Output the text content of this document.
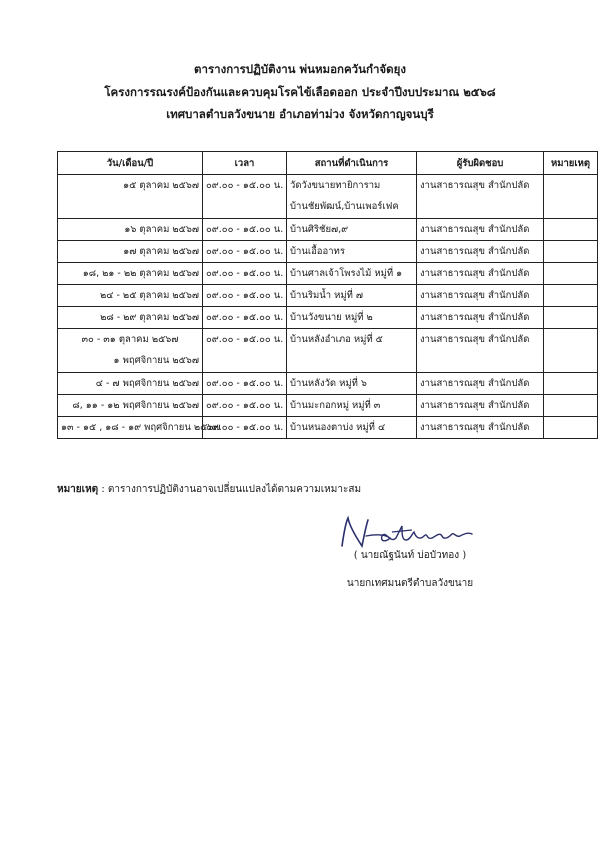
ตารางการปฏิบัติงาน พ่นหมอกควันกำจัดยุง
โครงการรณรงค์ป้องกันและควบคุมโรคไข้เลือดออก ประจำปีงบประมาณ ๒๕๖๘
เทศบาลตำบลวังขนาย อำเภอท่าม่วง จังหวัดกาญจนบุรี
วัน/เดือน/ปี	เวลา	สถานที่ดำเนินการ	ผู้รับผิดชอบ	หมายเหตุ

๑๕ ตุลาคม ๒๕๖๗	๐๙.๐๐ - ๑๕.๐๐ น.	วัดวังขนายทายิการาม
บ้านชัยพัฒน์,บ้านเพอร์เฟค	งานสาธารณสุข สำนักปลัด	

๑๖ ตุลาคม ๒๕๖๗	๐๙.๐๐ - ๑๕.๐๐ น.	บ้านศิริชัย๗,๙	งานสาธารณสุข สำนักปลัด	

๑๗ ตุลาคม ๒๕๖๗	๐๙.๐๐ - ๑๕.๐๐ น.	บ้านเอื้ออาทร	งานสาธารณสุข สำนักปลัด	

๑๘, ๒๑ - ๒๒ ตุลาคม ๒๕๖๗	๐๙.๐๐ - ๑๕.๐๐ น.	บ้านศาลเจ้าโพรงไม้ หมู่ที่ ๑	งานสาธารณสุข สำนักปลัด	

๒๔ - ๒๕ ตุลาคม ๒๕๖๗	๐๙.๐๐ - ๑๕.๐๐ น.	บ้านริมน้ำ หมู่ที่ ๗	งานสาธารณสุข สำนักปลัด	

๒๘ - ๒๙ ตุลาคม ๒๕๖๗	๐๙.๐๐ - ๑๕.๐๐ น.	บ้านวังขนาย หมู่ที่ ๒	งานสาธารณสุข สำนักปลัด	

๓๐ - ๓๑ ตุลาคม ๒๕๖๗
๑ พฤศจิกายน ๒๕๖๗	๐๙.๐๐ - ๑๕.๐๐ น.	บ้านหลังอำเภอ หมู่ที่ ๕	งานสาธารณสุข สำนักปลัด	

๔ - ๗ พฤศจิกายน ๒๕๖๗	๐๙.๐๐ - ๑๕.๐๐ น.	บ้านหลังวัด หมู่ที่ ๖	งานสาธารณสุข สำนักปลัด	

๘, ๑๑ - ๑๒ พฤศจิกายน ๒๕๖๗	๐๙.๐๐ - ๑๕.๐๐ น.	บ้านมะกอกหมู่ หมู่ที่ ๓	งานสาธารณสุข สำนักปลัด	

๑๓ - ๑๕ , ๑๘ - ๑๙ พฤศจิกายน ๒๕๖๗	๐๙.๐๐ - ๑๕.๐๐ น.	บ้านหนองตาบ่ง หมู่ที่ ๔	งานสาธารณสุข สำนักปลัด	

หมายเหตุ : ตารางการปฏิบัติงานอาจเปลี่ยนแปลงได้ตามความเหมาะสม
( นายณัฐนันท์ บ่อบัวทอง )
นายกเทศมนตรีตำบลวังขนาย
